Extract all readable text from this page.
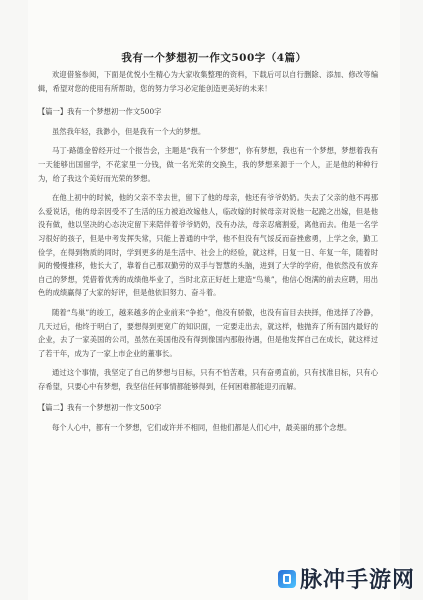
我有一个梦想初一作文500字（4篇）

欢迎借鉴参阅，下面是优悦小生精心为大家收集整理的资料，下载后可以自行删除、添加、修改等编辑，希望对您的使用有所帮助，您的努力学习必定能创造更美好的未来！

【篇一】我有一个梦想初一作文500字

虽然我年轻，我渺小，但是我有一个大的梦想。

马丁·路德金曾经开过一个报告会，主题是“我有一个梦想”，你有梦想，我也有一个梦想，梦想着我有一天能够出国留学，不花家里一分钱，做一名光荣的交换生，我的梦想来源于一个人，正是他的种种行为，给了我这个美好而光荣的梦想。

在他上初中的时候，他的父亲不幸去世，留下了他的母亲，他还有爷爷奶奶。失去了父亲的他不再那么爱说话，他的母亲因受不了生活的压力被迫改嫁他人，临改嫁的时候母亲对说他一起跪之出嫁，但是他没有做，他以坚决的心态决定留下来陪伴着爷爷奶奶，没有办法，母亲忍痛割爱，离他而去。他是一名学习很好的孩子，但是中考发挥失常，只能上普通的中学，他不但没有气馁反而奋挫愈勇，上学之余，勤工俭学，在得到物质的同时，学到更多的是生活中、社会上的经验，就这样，日复一日、年复一年，随着时间的慢慢推移，他长大了，靠着自己那双勤劳的双手与智慧的头脑，进到了大学的学府，他依然没有放弃自己的梦想，凭借着优秀的成绩他毕业了，当时北京正好赶上建造“鸟巢”，他信心饱满的前去应聘，用出色的成绩赢得了大家的好评，但是他依旧努力、奋斗着。

随着“鸟巢”的竣工，越来越多的企业前来“争抢”，他没有骄傲，也没有盲目去抉择，他选择了冷静，几天过后，他终于明白了，要想得到更宽广的知识面，一定要走出去，就这样，他抛弃了所有国内最好的企业，去了一家美国的公司，虽然在美国他没有得到像国内那般待遇，但是他发挥自己在成长，就这样过了若干年，成为了一家上市企业的董事长。

通过这个事情，我坚定了自己的梦想与目标，只有不怕苦难，只有奋勇直前，只有找准目标，只有心存希望，只要心中有梦想，我坚信任何事情都能够得到，任何困难都能迎刃而解。

【篇二】我有一个梦想初一作文500字

每个人心中，都有一个梦想，它们或许并不相同，但他们都是人们心中，最美丽的那个念想。

脉冲手游网
